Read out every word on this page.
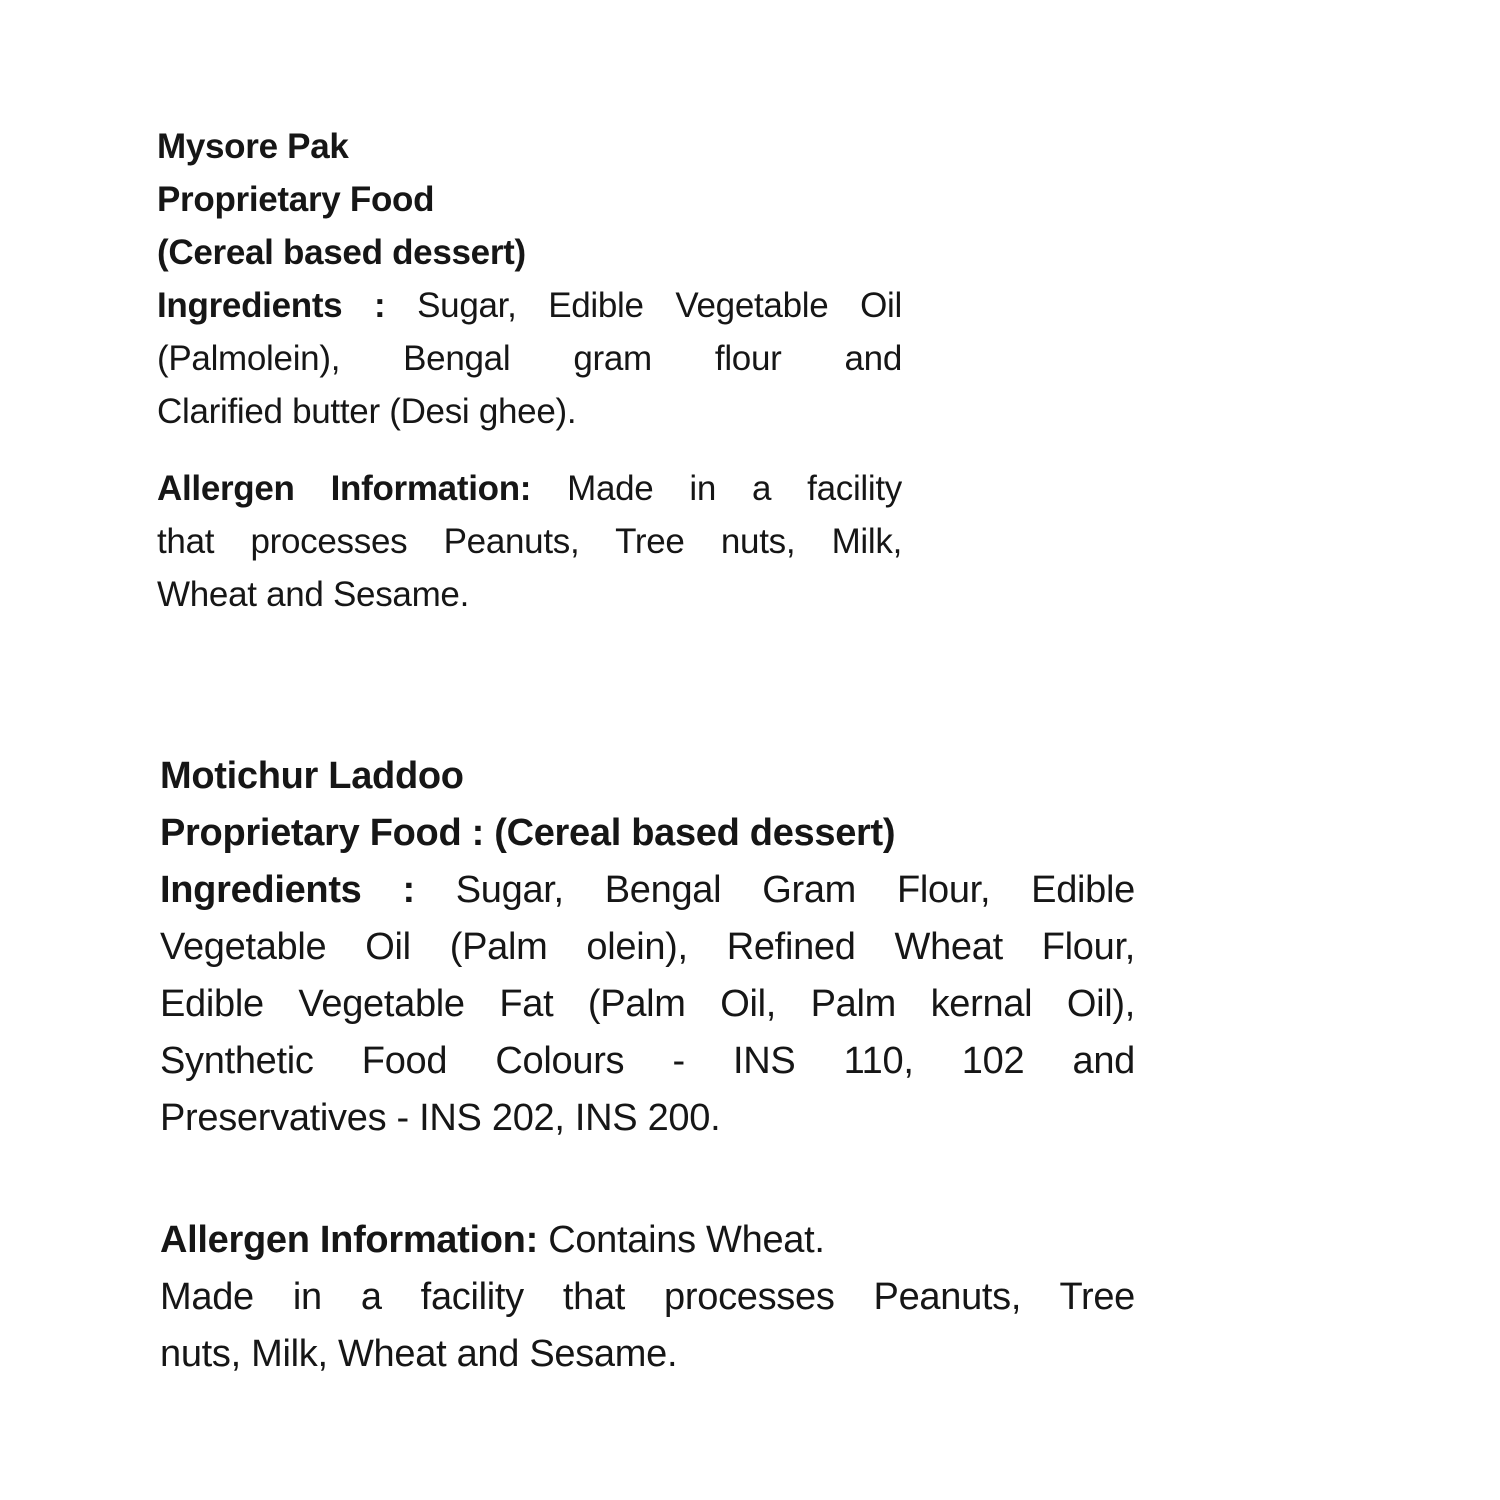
Mysore Pak
Proprietary Food
(Cereal based dessert)
Ingredients : Sugar, Edible Vegetable Oil
(Palmolein), Bengal gram flour and
Clarified butter (Desi ghee).
Allergen Information: Made in a facility
that processes Peanuts, Tree nuts, Milk,
Wheat and Sesame.
Motichur Laddoo
Proprietary Food : (Cereal based dessert)
Ingredients : Sugar, Bengal Gram Flour, Edible
Vegetable Oil (Palm olein), Refined Wheat Flour,
Edible Vegetable Fat (Palm Oil, Palm kernal Oil),
Synthetic Food Colours - INS 110, 102 and
Preservatives - INS 202, INS 200.
Allergen Information: Contains Wheat.
Made in a facility that processes Peanuts, Tree
nuts, Milk, Wheat and Sesame.
